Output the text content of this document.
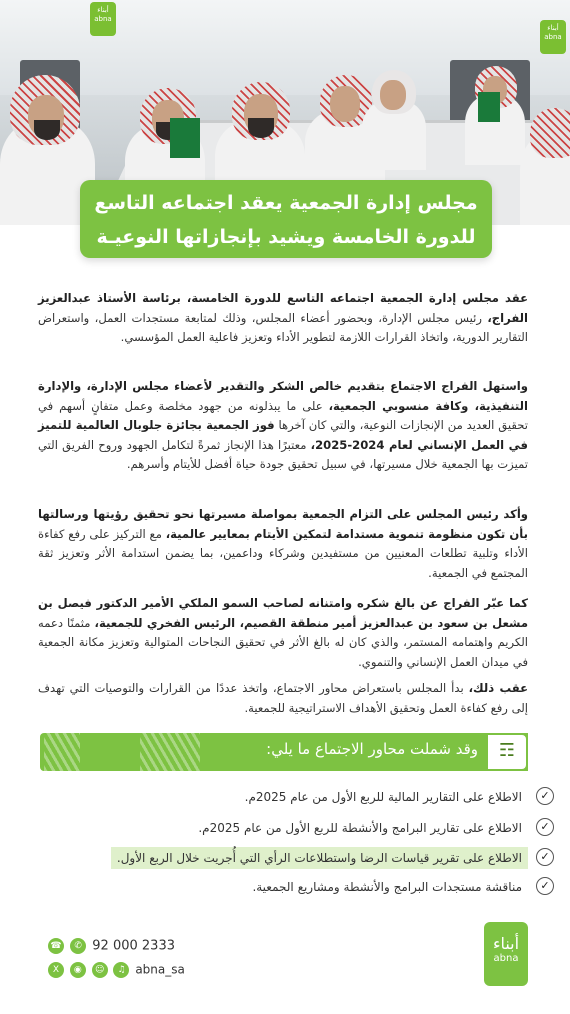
أبناء
abna
أبناء
abna
مجلس إدارة الجمعية يعقد اجتماعه التاسع
للدورة الخامسة ويشيد بإنجازاتها النوعيـة
عقد مجلس إدارة الجمعية اجتماعه التاسع للدورة الخامسة، برئاسة الأستاذ عبدالعزيز الفراج، رئيس مجلس الإدارة، وبحضور أعضاء المجلس، وذلك لمتابعة مستجدات العمل، واستعراض التقارير الدورية، واتخاذ القرارات اللازمة لتطوير الأداء وتعزيز فاعلية العمل المؤسسي.
واستهل الفراج الاجتماع بتقديم خالص الشكر والتقدير لأعضاء مجلس الإدارة، والإدارة التنفيذية، وكافة منسوبي الجمعية، على ما يبذلونه من جهود مخلصة وعمل متفانٍ أسهم في تحقيق العديد من الإنجازات النوعية، والتي كان آخرها فوز الجمعية بجائزة جلوبال العالمية للتميز في العمل الإنساني لعام 2024-2025، معتبرًا هذا الإنجاز ثمرةً لتكامل الجهود وروح الفريق التي تميزت بها الجمعية خلال مسيرتها، في سبيل تحقيق جودة حياة أفضل للأيتام وأسرهم.
وأكد رئيس المجلس على التزام الجمعية بمواصلة مسيرتها نحو تحقيق رؤيتها ورسالتها بأن تكون منظومة تنموية مستدامة لتمكين الأيتام بمعايير عالمية، مع التركيز على رفع كفاءة الأداء وتلبية تطلعات المعنيين من مستفيدين وشركاء وداعمين، بما يضمن استدامة الأثر وتعزيز ثقة المجتمع في الجمعية.
كما عبّر الفراج عن بالغ شكره وامتنانه لصاحب السمو الملكي الأمير الدكتور فيصل بن مشعل بن سعود بن عبدالعزيز أمير منطقة القصيم، الرئيس الفخري للجمعية، مثمنًا دعمه الكريم واهتمامه المستمر، والذي كان له بالغ الأثر في تحقيق النجاحات المتوالية وتعزيز مكانة الجمعية في ميدان العمل الإنساني والتنموي.
عقب ذلك، بدأ المجلس باستعراض محاور الاجتماع، واتخذ عددًا من القرارات والتوصيات التي تهدف إلى رفع كفاءة العمل وتحقيق الأهداف الاستراتيجية للجمعية.
وقد شملت محاور الاجتماع ما يلي:	☶
✓
الاطلاع على التقارير المالية للربع الأول من عام 2025م.
✓
الاطلاع على تقارير البرامج والأنشطة للربع الأول من عام 2025م.
✓
الاطلاع على تقرير قياسات الرضا واستطلاعات الرأي التي أُجريت خلال الربع الأول.
✓
مناقشة مستجدات البرامج والأنشطة ومشاريع الجمعية.
☎ ✆ 92 000 2333
X ◉ ☺ ♫ abna_sa
أبناء
abna
